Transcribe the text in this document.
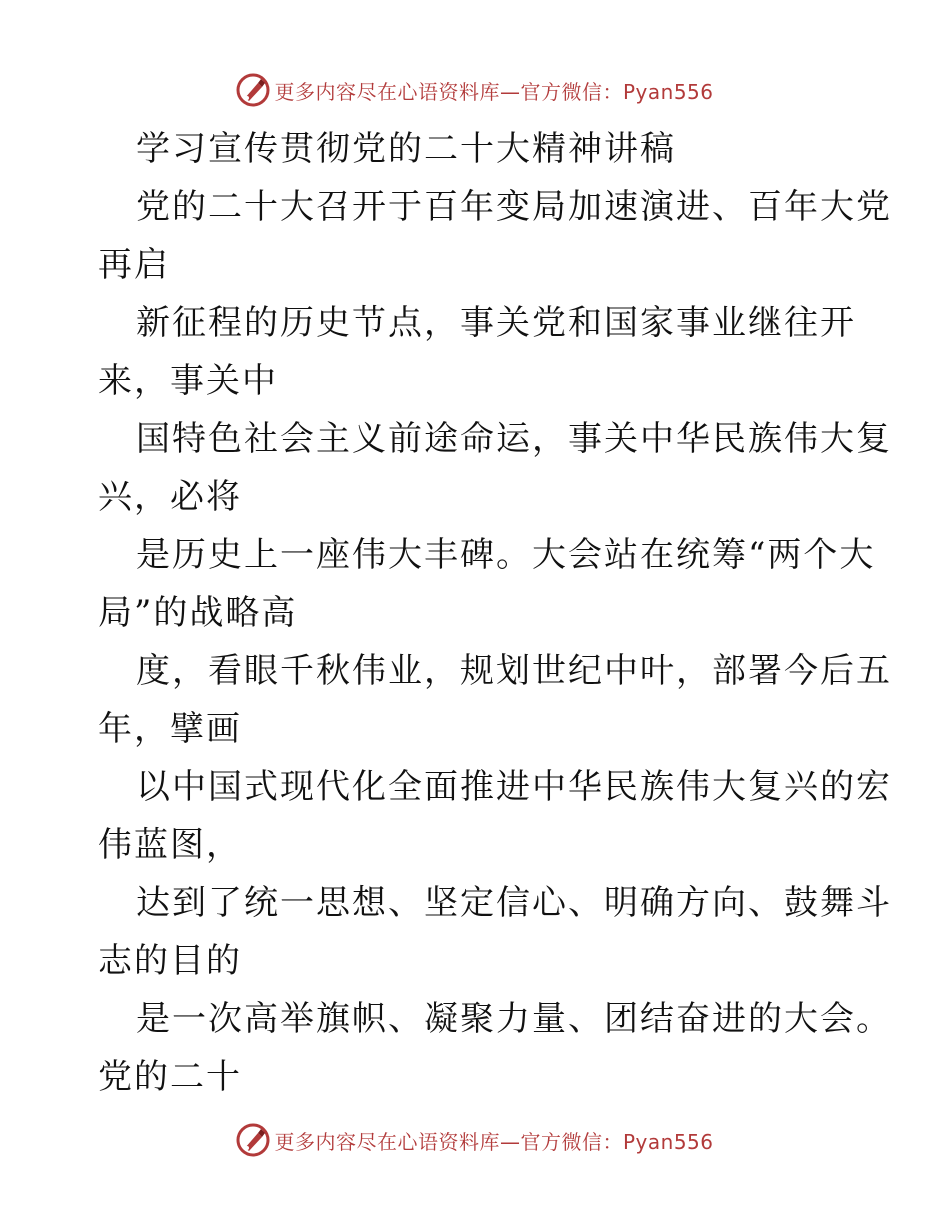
更多内容尽在心语资料库—官方微信：Pyan556
学习宣传贯彻党的二十大精神讲稿
党的二十大召开于百年变局加速演进、百年大党
再启
新征程的历史节点，事关党和国家事业继往开
来，事关中
国特色社会主义前途命运，事关中华民族伟大复
兴，必将
是历史上一座伟大丰碑。大会站在统筹“两个大
局”的战略高
度，看眼千秋伟业，规划世纪中叶，部署今后五
年，擘画
以中国式现代化全面推进中华民族伟大复兴的宏
伟蓝图，
达到了统一思想、坚定信心、明确方向、鼓舞斗
志的目的
是一次高举旗帜、凝聚力量、团结奋进的大会。
党的二十
更多内容尽在心语资料库—官方微信：Pyan556
